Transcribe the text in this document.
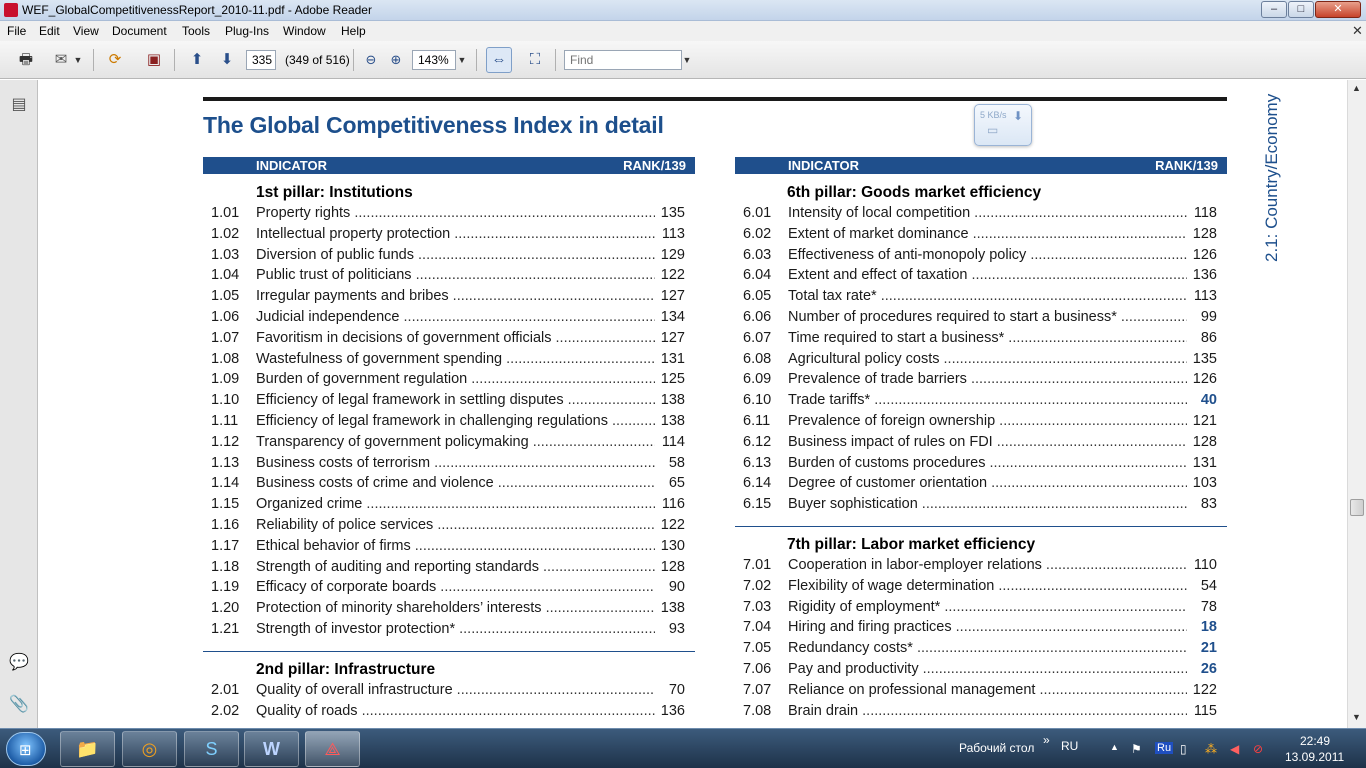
WEF_GlobalCompetitivenessReport_2010-11.pdf - Adobe Reader	–	□	✕
File Edit View Document Tools Plug-Ins Window Help	✕
🖶	✉ ▼	⟳	▣	⬆	⬇
335	(349 of 516)	⊖	⊕
143%	▼	⇔	⛶
Find	▼
▤
💬
📎
The Global Competitiveness Index in detail	5 KB/s ⬇
▭	2.1: Country/Economy
INDICATOR	RANK/139	INDICATOR	RANK/139
1st pillar: Institutions
1.01 Property rights .....	135
1.02 Intellectual property protection .....	113
1.03 Diversion of public funds .....	129
1.04 Public trust of politicians .....	122
1.05 Irregular payments and bribes .....	127
1.06 Judicial independence .....	134
1.07 Favoritism in decisions of government officials .....	127
1.08 Wastefulness of government spending .....	131
1.09 Burden of government regulation .....	125
1.10 Efficiency of legal framework in settling disputes .....	138
1.11 Efficiency of legal framework in challenging regulations .....	138
1.12 Transparency of government policymaking .....	114
1.13 Business costs of terrorism .....	58
1.14 Business costs of crime and violence .....	65
1.15 Organized crime .....	116
1.16 Reliability of police services .....	122
1.17 Ethical behavior of firms .....	130
1.18 Strength of auditing and reporting standards .....	128
1.19 Efficacy of corporate boards .....	90
1.20 Protection of minority shareholders’ interests .....	138
1.21 Strength of investor protection* .....	93
2nd pillar: Infrastructure
2.01 Quality of overall infrastructure .....	70
2.02 Quality of roads .....	136
6th pillar: Goods market efficiency
6.01 Intensity of local competition .....	118
6.02 Extent of market dominance .....	128
6.03 Effectiveness of anti-monopoly policy .....	126
6.04 Extent and effect of taxation .....	136
6.05 Total tax rate* .....	113
6.06 Number of procedures required to start a business* .....	99
6.07 Time required to start a business* .....	86
6.08 Agricultural policy costs .....	135
6.09 Prevalence of trade barriers .....	126
6.10 Trade tariffs* .....	40
6.11 Prevalence of foreign ownership .....	121
6.12 Business impact of rules on FDI .....	128
6.13 Burden of customs procedures .....	131
6.14 Degree of customer orientation .....	103
6.15 Buyer sophistication .....	83
7th pillar: Labor market efficiency
7.01 Cooperation in labor-employer relations .....	110
7.02 Flexibility of wage determination .....	54
7.03 Rigidity of employment* .....	78
7.04 Hiring and firing practices .....	18
7.05 Redundancy costs* .....	21
7.06 Pay and productivity .....	26
7.07 Reliance on professional management .....	122
7.08 Brain drain .....	115
▲
▼
⊞	📁	◎	S	W	⟁	Рабочий стол
» RU	▲ ⚑ Ru ▯ ⁂ ◀ ⊘
22:49
13.09.2011
